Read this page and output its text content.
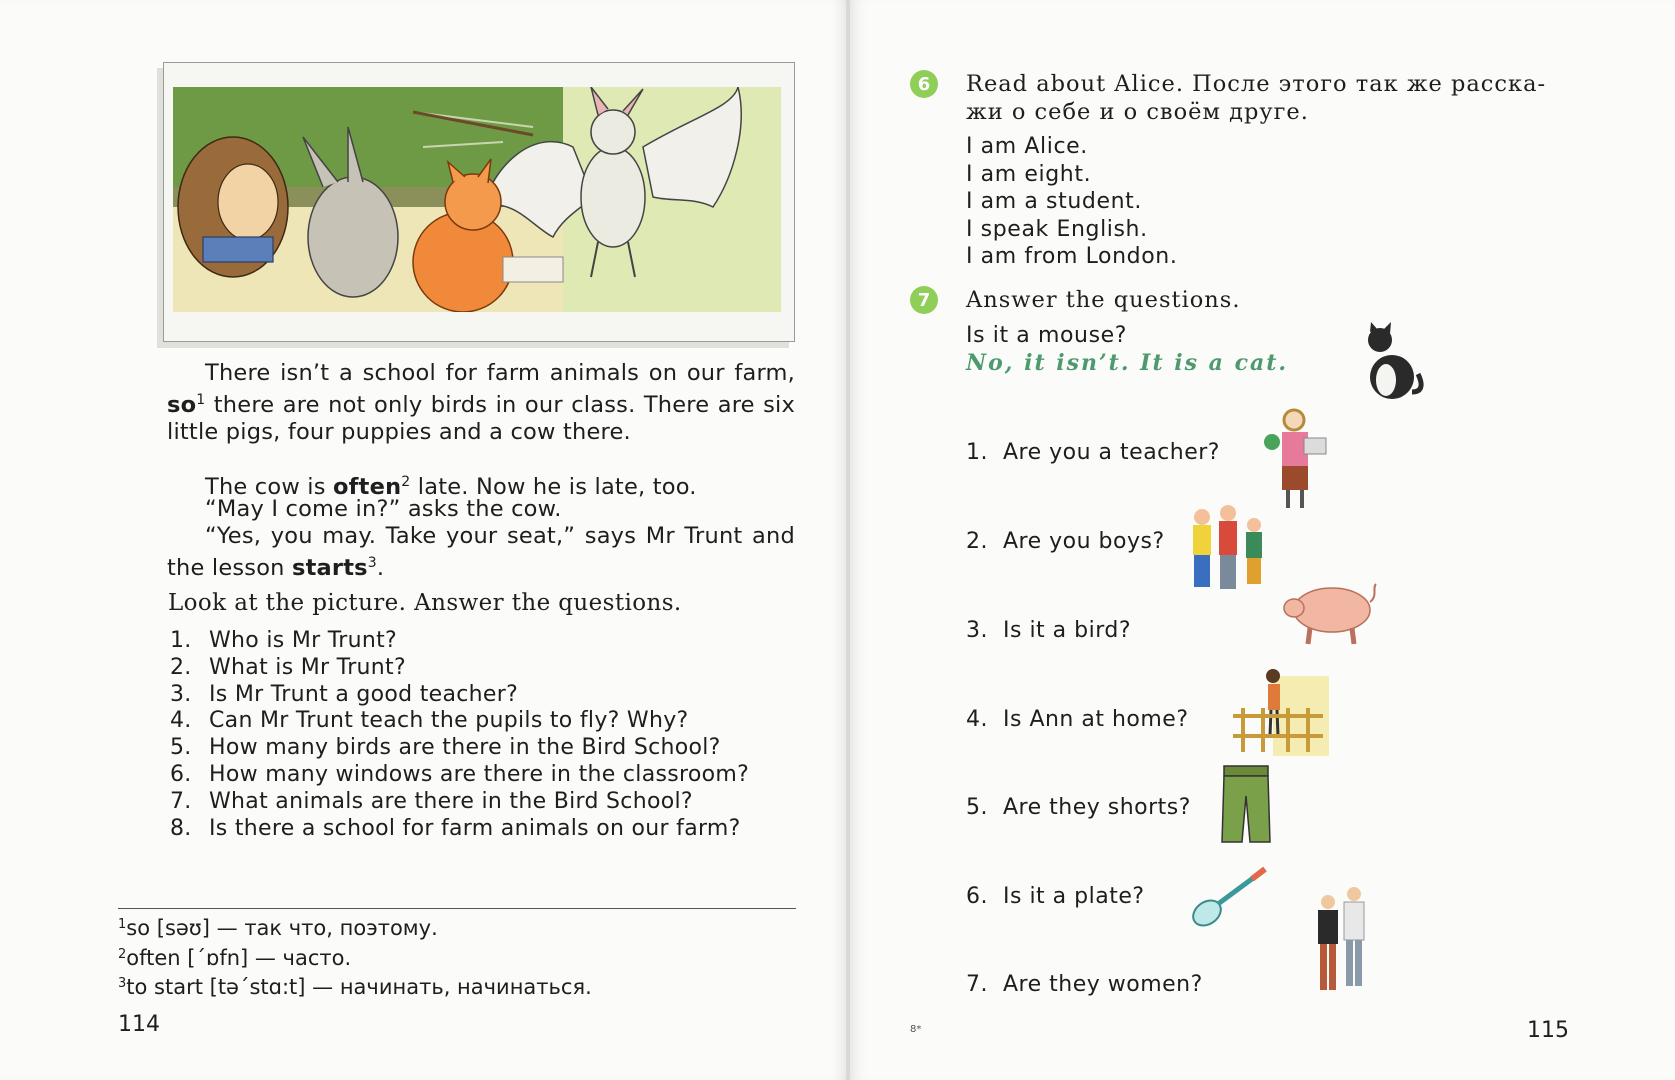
There isn’t a school for farm animals on our farm, $so^1$ there are not only birds in our class. There are six little pigs, four puppies and a cow there.
The cow is often$^2$ late. Now he is late, too.
“May I come in?” asks the cow.
“Yes, you may. Take your seat,” says Mr Trunt and the lesson starts$^3$.
Look at the picture. Answer the questions.
1. Who is Mr Trunt?
2. What is Mr Trunt?
3. Is Mr Trunt a good teacher?
4. Can Mr Trunt teach the pupils to fly? Why?
5. How many birds are there in the Bird School?
6. How many windows are there in the classroom?
7. What animals are there in the Bird School?
8. Is there a school for farm animals on our farm?
$^1$so [səʊ] — так что, поэтому.
$^2$often [ˊɒfn] — часто.
$^3$to start [təˊstɑ:t] — начинать, начинаться.
114
6	Read about Alice. После этого так же расска-
жи о себе и о своём друге.
I am Alice.
I am eight.
I am a student.
I speak English.
I am from London.
7	Answer the questions.
Is it a mouse?
No, it isn’t. It is a cat.
1. Are you a teacher?
2. Are you boys?
3. Is it a bird?
4. Is Ann at home?
5. Are they shorts?
6. Is it a plate?
7. Are they women?
8*	115
